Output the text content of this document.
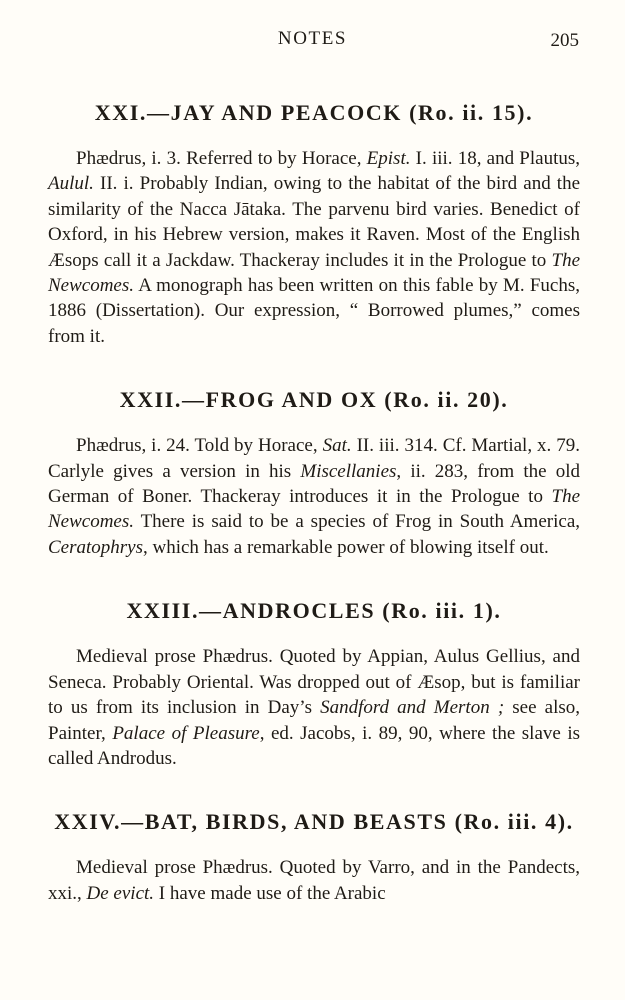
NOTES	205
XXI.—JAY AND PEACOCK (Ro. ii. 15).

Phædrus, i. 3. Referred to by Horace, Epist. I. iii. 18, and Plautus, Aulul. II. i. Probably Indian, owing to the habitat of the bird and the similarity of the Nacca Jātaka. The parvenu bird varies. Benedict of Oxford, in his Hebrew version, makes it Raven. Most of the English Æsops call it a Jackdaw. Thackeray includes it in the Prologue to The Newcomes. A monograph has been written on this fable by M. Fuchs, 1886 (Dissertation). Our expression, “ Borrowed plumes,” comes from it.

XXII.—FROG AND OX (Ro. ii. 20).

Phædrus, i. 24. Told by Horace, Sat. II. iii. 314. Cf. Martial, x. 79. Carlyle gives a version in his Miscellanies, ii. 283, from the old German of Boner. Thackeray introduces it in the Prologue to The Newcomes. There is said to be a species of Frog in South America, Ceratophrys, which has a remarkable power of blowing itself out.

XXIII.—ANDROCLES (Ro. iii. 1).

Medieval prose Phædrus. Quoted by Appian, Aulus Gellius, and Seneca. Probably Oriental. Was dropped out of Æsop, but is familiar to us from its inclusion in Day’s Sandford and Merton ; see also, Painter, Palace of Pleasure, ed. Jacobs, i. 89, 90, where the slave is called Androdus.

XXIV.—BAT, BIRDS, AND BEASTS (Ro. iii. 4).

Medieval prose Phædrus. Quoted by Varro, and in the Pandects, xxi., De evict. I have made use of the Arabic
